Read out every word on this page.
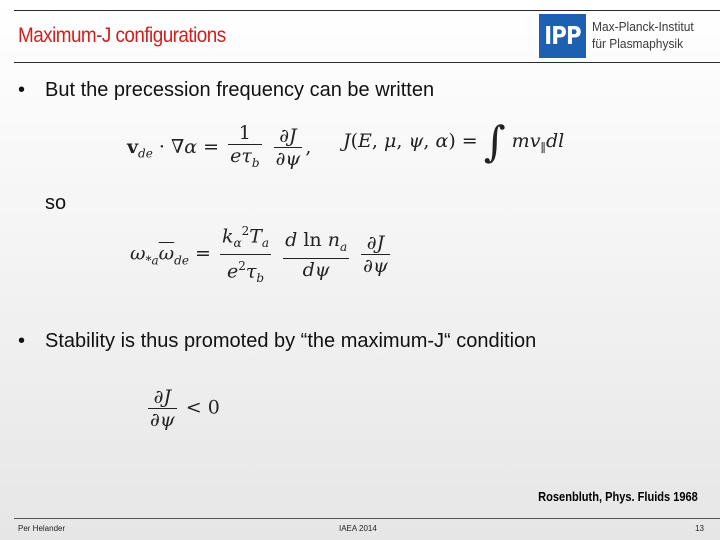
Maximum-J configurations	IPP Max-Planck-Institut
für Plasmaphysik
• But the precession frequency can be written
$v_{de} \cdot \nabla\alpha = \frac{1}{e\tau_b}$
$\frac{\partial J}{\partial\psi}$ , J(E, μ, ψ, α) = ∫ $mv_\parallel dl$
so
$\omega_{*a}\overline{\omega}_{de} = \frac{k_\alpha^2T_a}{e^2\tau_b}$
$\frac{d \ln n_a}{d\psi}$
$\frac{\partial J}{\partial\psi}$
• Stability is thus promoted by “the maximum-J“ condition
$\frac{\partial J}{\partial\psi} < 0$
Rosenbluth, Phys. Fluids 1968
Per Helander	IAEA 2014	13
